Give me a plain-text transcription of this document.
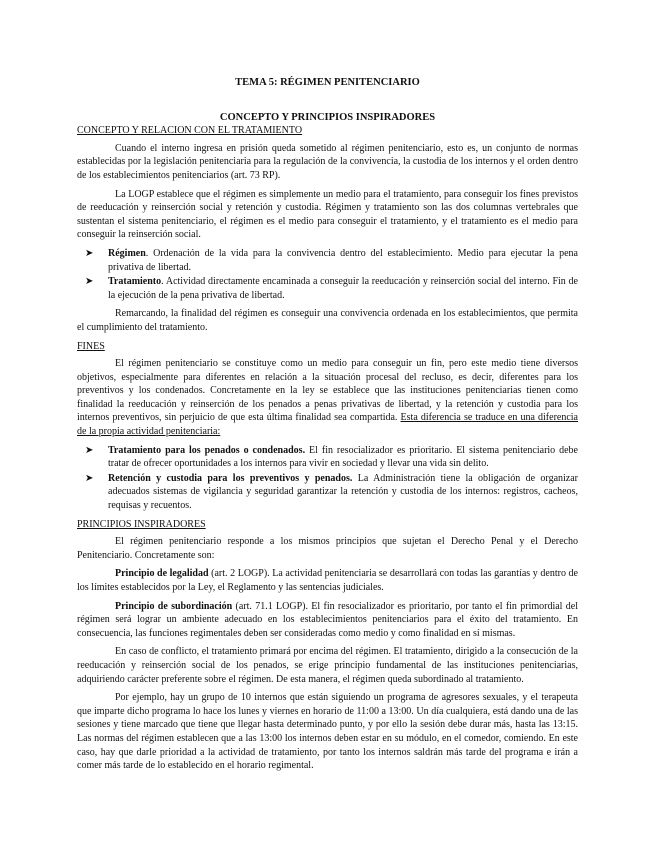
TEMA 5: RÉGIMEN PENITENCIARIO
CONCEPTO Y PRINCIPIOS INSPIRADORES
CONCEPTO Y RELACION CON EL TRATAMIENTO

Cuando el interno ingresa en prisión queda sometido al régimen penitenciario, esto es, un conjunto de normas establecidas por la legislación penitenciaria para la regulación de la convivencia, la custodia de los internos y el orden dentro de los establecimientos penitenciarios (art. 73 RP).

La LOGP establece que el régimen es simplemente un medio para el tratamiento, para conseguir los fines previstos de reeducación y reinserción social y retención y custodia. Régimen y tratamiento son las dos columnas vertebrales que sustentan el sistema penitenciario, el régimen es el medio para conseguir el tratamiento, y el tratamiento es el medio para conseguir la reinserción social.

➤ Régimen. Ordenación de la vida para la convivencia dentro del establecimiento. Medio para ejecutar la pena privativa de libertad.
➤ Tratamiento. Actividad directamente encaminada a conseguir la reeducación y reinserción social del interno. Fin de la ejecución de la pena privativa de libertad.

Remarcando, la finalidad del régimen es conseguir una convivencia ordenada en los establecimientos, que permita el cumplimiento del tratamiento.

FINES

El régimen penitenciario se constituye como un medio para conseguir un fin, pero este medio tiene diversos objetivos, especialmente para diferentes en relación a la situación procesal del recluso, es decir, diferentes para los preventivos y los condenados. Concretamente en la ley se establece que las instituciones penitenciarias tienen como finalidad la reeducación y reinserción de los penados a penas privativas de libertad, y la retención y custodia para los internos preventivos, sin perjuicio de que esta última finalidad sea compartida. Esta diferencia se traduce en una diferencia de la propia actividad penitenciaria:

➤ Tratamiento para los penados o condenados. El fin resocializador es prioritario. El sistema penitenciario debe tratar de ofrecer oportunidades a los internos para vivir en sociedad y llevar una vida sin delito.
➤ Retención y custodia para los preventivos y penados. La Administración tiene la obligación de organizar adecuados sistemas de vigilancia y seguridad garantizar la retención y custodia de los internos: registros, cacheos, requisas y recuentos.
PRINCIPIOS INSPIRADORES

El régimen penitenciario responde a los mismos principios que sujetan el Derecho Penal y el Derecho Penitenciario. Concretamente son:

Principio de legalidad (art. 2 LOGP). La actividad penitenciaria se desarrollará con todas las garantías y dentro de los límites establecidos por la Ley, el Reglamento y las sentencias judiciales.

Principio de subordinación (art. 71.1 LOGP). El fin resocializador es prioritario, por tanto el fin primordial del régimen será lograr un ambiente adecuado en los establecimientos penitenciarios para el éxito del tratamiento. En consecuencia, las funciones regimentales deben ser consideradas como medio y como finalidad en sí mismas.

En caso de conflicto, el tratamiento primará por encima del régimen. El tratamiento, dirigido a la consecución de la reeducación y reinserción social de los penados, se erige principio fundamental de las instituciones penitenciarias, adquiriendo carácter preferente sobre el régimen. De esta manera, el régimen queda subordinado al tratamiento.

Por ejemplo, hay un grupo de 10 internos que están siguiendo un programa de agresores sexuales, y el terapeuta que imparte dicho programa lo hace los lunes y viernes en horario de 11:00 a 13:00. Un día cualquiera, está dando una de las sesiones y tiene marcado que tiene que llegar hasta determinado punto, y por ello la sesión debe durar más, hasta las 13:15. Las normas del régimen establecen que a las 13:00 los internos deben estar en su módulo, en el comedor, comiendo. En este caso, hay que darle prioridad a la actividad de tratamiento, por tanto los internos saldrán más tarde del programa e irán a comer más tarde de lo establecido en el horario regimental.
